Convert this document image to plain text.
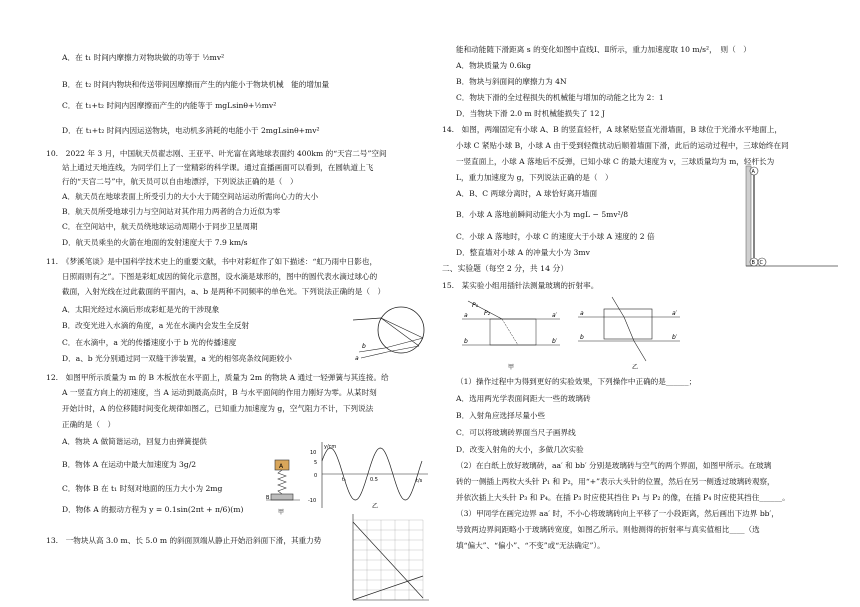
A．在 t₁ 时间内摩擦力对物块做的功等于 ½mv²
B．在 t₂ 时间内物块和传送带间因摩擦而产生的内能小于物块机械　能的增加量
C．在 t₁+t₂ 时间内因摩擦而产生的内能等于 mgLsinθ+½mv²
D．在 t₁+t₂ 时间内因运送物块，电动机多消耗的电能小于 2mgLsinθ+mv²
10.　2022 年 3 月，中国航天员翟志刚、王亚平、叶光富在离地球表面约 400km 的“天宫二号”空间
站上通过天地连线，为同学们上了一堂精彩的科学课。通过直播画面可以看到，在圆轨道上飞
行的“天宫二号”中，航天员可以自由地漂浮，下列说法正确的是（　）
A．航天员在地球表面上所受引力的大小大于随空间站运动所需向心力的大小
B．航天员所受地球引力与空间站对其作用力两者的合力近似为零
C．在空间站中，航天员绕地球运动周期小于同步卫星周期
D．航天员乘坐的火箭在地面的发射速度大于 7.9 km/s
11.　《梦溪笔谈》是中国科学技术史上的重要文献，书中对彩虹作了如下描述：“虹乃雨中日影也，
日照雨则有之”。下图是彩虹成因的简化示意图，设水滴是球形的，图中的圆代表水滴过球心的
截面，入射光线在过此截面的平面内，a、b 是两种不同频率的单色光。下列说法正确的是（　）
A．太阳光经过水滴后形成彩虹是光的干涉现象
B．改变光进入水滴的角度，a 光在水滴内会发生全反射
C．在水滴中，a 光的传播速度小于 b 光的传播速度
D．a、b 光分别通过同一双缝干涉装置，a 光的相邻亮条纹间距较小	a
b
12.　如图甲所示质量为 m 的 B 木板放在水平面上，质量为 2m 的物块 A 通过一轻弹簧与其连接。给
A 一竖直方向上的初速度，当 A 运动到最高点时，B 与水平面间的作用力刚好为零。从某时刻
开始计时，A 的位移随时间变化规律如图乙，已知重力加速度为 g，空气阻力不计，下列说法
正确的是（　）
A．物块 A 做简谐运动，回复力由弹簧提供
B．物体 A 在运动中最大加速度为 3g/2
C．物体 B 在 t₁ 时刻对地面的压力大小为 2mg
D．物体 A 的振动方程为 y = 0.1sin(2πt + π/6)(m)
A
B
甲
y/cm
t/s
10
5
0
-10
t₁	0.5
乙
13.　一物块从高 3.0 m、长 5.0 m 的斜面顶端从静止开始沿斜面下滑，其重力势
能和动能随下滑距离 s 的变化如图中直线Ⅰ、Ⅱ所示，重力加速度取 10 m/s²，　则（　）
A．物块质量为 0.6kg
B．物块与斜面间的摩擦力为 4N
C．物块下滑的全过程损失的机械能与增加的动能之比为 2：1
D．当物块下滑 2.0 m 时机械能损失了 12 J
14.　如图，两端固定有小球 A、B 的竖直轻杆，A 球紧贴竖直光滑墙面，B 球位于光滑水平地面上，
小球 C 紧贴小球 B，小球 A 由于受到轻微扰动后顺着墙面下滑，此后的运动过程中，三球始终在同
一竖直面上，小球 A 落地后不反弹，已知小球 C 的最大速度为 v，三球质量均为 m，轻杆长为
L，重力加速度为 g，下列说法正确的是（　）
A．B、C 两球分离时，A 球恰好离开墙面
B．小球 A 落地前瞬间动能大小为 mgL − 5mv²/8
C．小球 A 落地时，小球 C 的速度大于小球 A 速度的 2 倍
D．整直墙对小球 A 的冲量大小为 3mv
A
B C
二、实验题（每空 2 分，共 14 分）
15.　某实验小组用插针法测量玻璃的折射率。
P₁
P₂
a	a′
b	b′
甲
a	a′
b	b′
乙
（1）操作过程中为得到更好的实验效果，下列操作中正确的是______；
A．选用两光学表面间距大一些的玻璃砖
B．入射角应选择尽量小些
C．可以将玻璃砖界面当尺子画界线
D．改变入射角的大小，多做几次实验
（2）在白纸上放好玻璃砖，aa′ 和 bb′ 分别是玻璃砖与空气的两个界面，如图甲所示。在玻璃
砖的一侧插上两枚大头针 P₁ 和 P₂，用“+”表示大头针的位置，然后在另一侧透过玻璃砖观察，
并依次插上大头针 P₃ 和 P₄。在插 P₃ 时应使其挡住 P₁ 与 P₂ 的像，在插 P₄ 时应使其挡住______。
（3）甲同学在画完边界 aa′ 时，不小心将玻璃砖向上平移了一小段距离，然后画出下边界 bb′，
导致两边界间距略小于玻璃砖宽度，如图乙所示。则他测得的折射率与真实值相比____（选
填“偏大”、“偏小”、“不变”或“无法确定”）。
